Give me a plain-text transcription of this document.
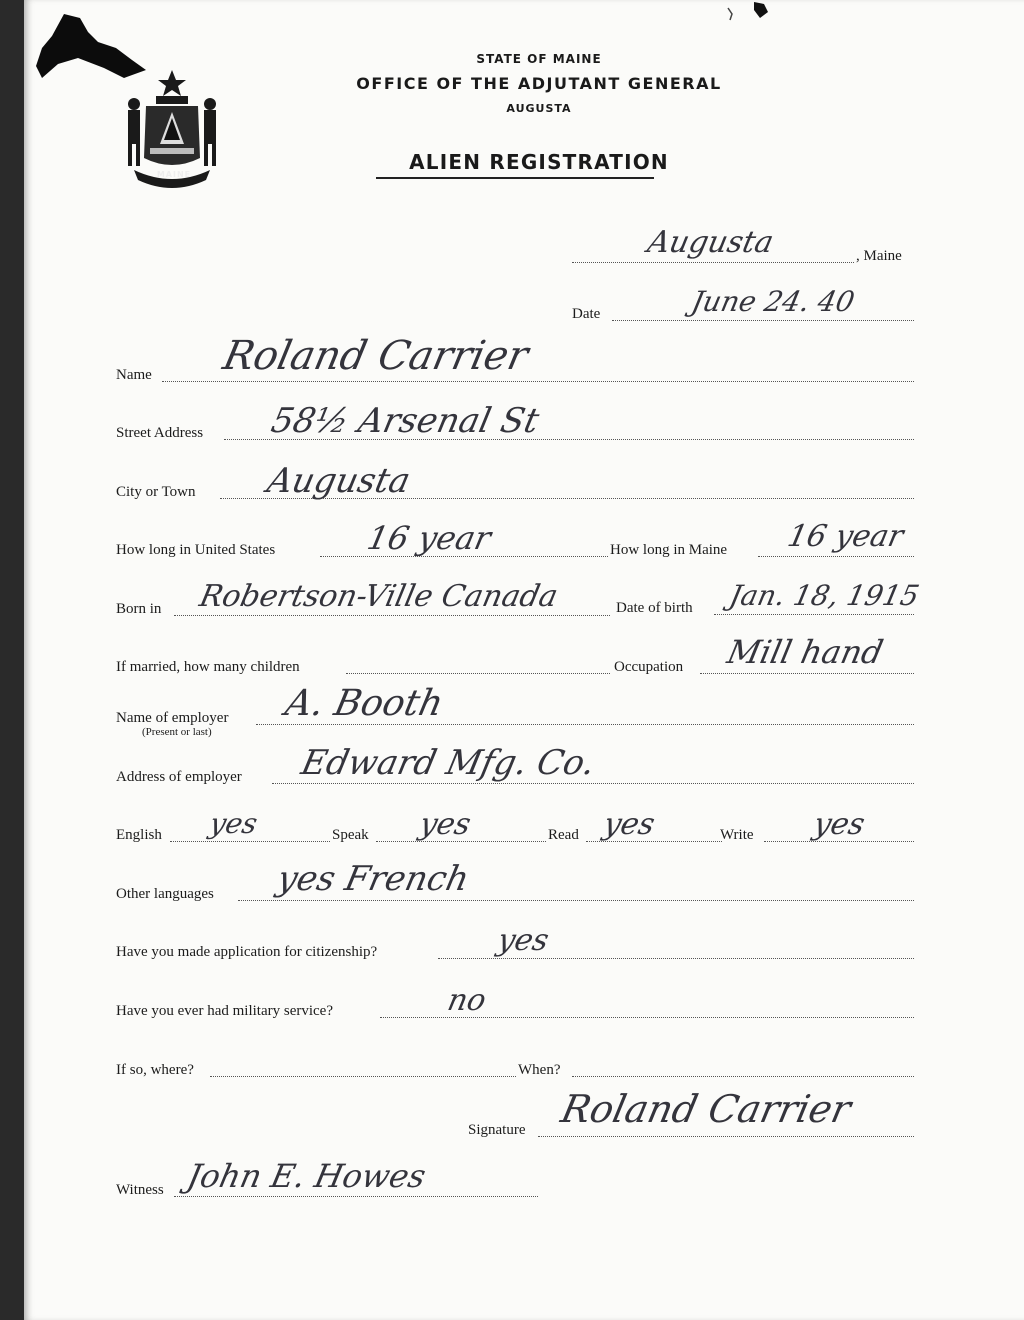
MAINE
STATE OF MAINE
OFFICE OF THE ADJUTANT GENERAL
AUGUSTA
ALIEN REGISTRATION
Augusta	, Maine
Date	June 24. 40
Name Roland Carrier
Street Address 58½ Arsenal St
City or Town Augusta
How long in United States	16 year	How long in Maine 16 year
Born in Robertson-Ville Canada	Date of birth Jan. 18, 1915
If married, how many children	Occupation Mill hand
Name of employer
(Present or last)
A. Booth
Address of employer Edward Mfg. Co.
English yes	Speak yes	Read yes	Write yes
Other languages yes French
Have you made application for citizenship?	yes
Have you ever had military service?	no
If so, where?	When?
Signature Roland Carrier
Witness John E. Howes
